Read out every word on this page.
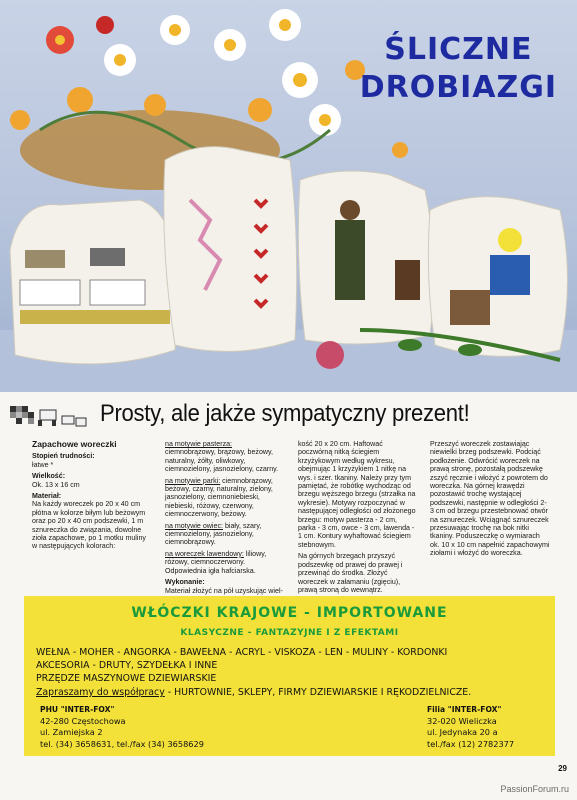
ŚLICZNE
DROBIAZGI
Prosty, ale jakże sympatyczny prezent!
Zapachowe woreczki

Stopień trudności:
łatwe *

Wielkość:
Ok. 13 x 16 cm

Materiał:
Na każdy woreczek po 20 x 40 cm płótna w kolorze biłym lub beżowym oraz po 20 x 40 cm podszewki, 1 m sznureczka do związania, dowolne zioła zapachowe, po 1 motku muliny w następujących kolorach:

na motywie pasterza: ciemnobrązowy, brązowy, beżowy, naturalny, żółty, oliwkowy, ciemnozielony, jasnozielony, czarny.

na motywie parki: ciemnobrązowy, beżowy, czarny, naturalny, zielony, jasnozielony, ciemnoniebieski, niebieski, różowy, czerwony, ciemnoczerwony, beżowy.

na motywie owiec: biały, szary, ciemnozielony, jasnozielony, ciemnobrązowy.

na woreczek lawendowy: liliowy, różowy, ciemnoczerwony. Odpowiednia igła hafciarska.

Wykonanie:
Materiał złożyć na pół uzyskując wiel-

kość 20 x 20 cm. Haftować poczwórną nitką ściegiem krzyżykowym według wykresu, obejmując 1 krzyżykiem 1 nitkę na wys. i szer. tkaniny. Należy przy tym pamiętać, że robótkę wychodząc od brzegu węższego brzegu (strzałka na wykresie). Motywy rozpoczynać w następującej odległości od złożonego brzegu: motyw pasterza - 2 cm, parka - 3 cm, owce - 3 cm, lawenda - 1 cm. Kontury wyhaftować ściegiem stebnowym.

Na górnych brzegach przyszyć podszewkę od prawej do prawej i przewinąć do środka. Złożyć woreczek w załamaniu (zgięciu), prawą stroną do wewnątrz.

Przeszyć woreczek zostawiając niewielki brzeg podszewki. Podciąć podłożenie. Odwrócić woreczek na prawą stronę, pozostałą podszewkę zszyć ręcznie i włożyć z powrotem do woreczka. Na górnej krawędzi pozostawić trochę wystającej podszewki, następnie w odległości 2-3 cm od brzegu przestebnować otwór na sznureczek. Wciągnąć sznureczek przesuwając trochę na bok nitki tkaniny. Poduszeczkę o wymiarach ok. 10 x 10 cm napełnić zapachowymi ziołami i włożyć do woreczka.

WŁÓCZKI KRAJOWE - IMPORTOWANE
KLASYCZNE - FANTAZYJNE I Z EFEKTAMI
WEŁNA - MOHER - ANGORKA - BAWEŁNA - ACRYL - VISKOZA - LEN - MULINY - KORDONKI
AKCESORIA - DRUTY, SZYDEŁKA I INNE
PRZĘDZE MASZYNOWE DZIEWIARSKIE
Zapraszamy do współpracy - HURTOWNIE, SKLEPY, FIRMY DZIEWIARSKIE I RĘKODZIELNICZE.
PHU "INTER-FOX"
42-280 Częstochowa
ul. Zamiejska 2
tel. (34) 3658631, tel./fax (34) 3658629
Filia "INTER-FOX"
32-020 Wieliczka
ul. Jedynaka 20 a
tel./fax (12) 2782377
29
PassionForum.ru
